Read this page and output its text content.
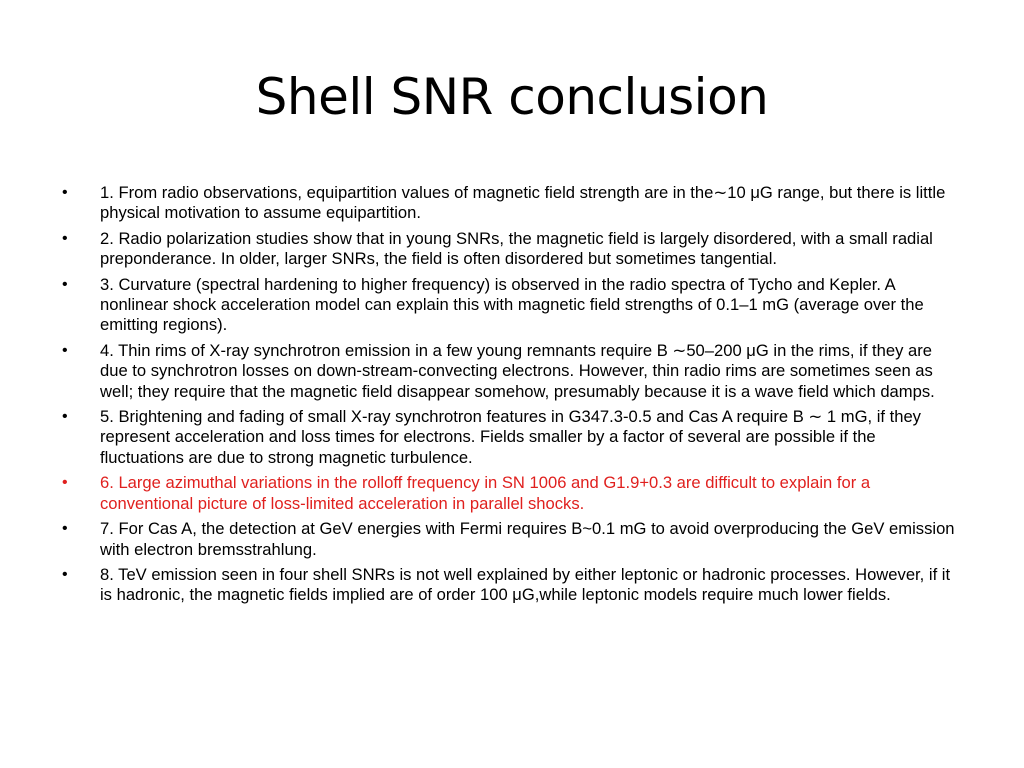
Shell SNR conclusion
•	1. From radio observations, equipartition values of magnetic field strength are in the∼10 μG range, but there is little physical motivation to assume equipartition.
•	2. Radio polarization studies show that in young SNRs, the magnetic field is largely disordered, with a small radial preponderance. In older, larger SNRs, the field is often disordered but sometimes tangential.
•	3. Curvature (spectral hardening to higher frequency) is observed in the radio spectra of Tycho and Kepler. A nonlinear shock acceleration model can explain this with magnetic field strengths of 0.1–1 mG (average over the emitting regions).
•	4. Thin rims of X-ray synchrotron emission in a few young remnants require B ∼50–200 μG in the rims, if they are due to synchrotron losses on down-stream-convecting electrons. However, thin radio rims are sometimes seen as well; they require that the magnetic field disappear somehow, presumably because it is a wave field which damps.
•	5. Brightening and fading of small X-ray synchrotron features in G347.3-0.5 and Cas A require B ∼ 1 mG, if they represent acceleration and loss times for electrons. Fields smaller by a factor of several are possible if the fluctuations are due to strong magnetic turbulence.
•	6. Large azimuthal variations in the rolloff frequency in SN 1006 and G1.9+0.3 are difficult to explain for a conventional picture of loss-limited acceleration in parallel shocks.
•	7. For Cas A, the detection at GeV energies with Fermi requires B~0.1 mG to avoid overproducing the GeV emission with electron bremsstrahlung.
•	8. TeV emission seen in four shell SNRs is not well explained by either leptonic or hadronic processes. However, if it is hadronic, the magnetic fields implied are of order 100 μG,while leptonic models require much lower fields.
